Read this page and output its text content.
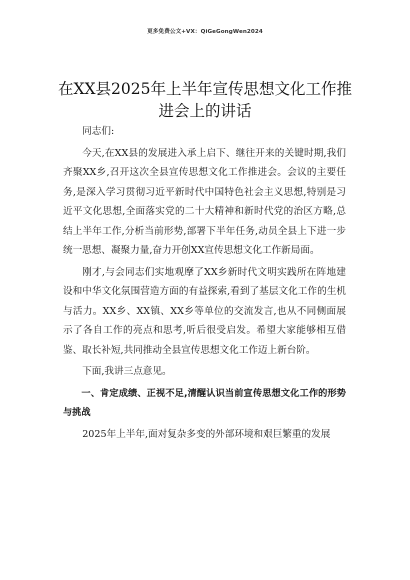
更多免费公文+VX：QiGeGongWen2024
在XX县2025年上半年宣传思想文化工作推
进会上的讲话

同志们:

今天,在XX县的发展进入承上启下、继往开来的关键时期,我们齐聚XX乡,召开这次全县宣传思想文化工作推进会。会议的主要任务,是深入学习贯彻习近平新时代中国特色社会主义思想,特别是习近平文化思想,全面落实党的二十大精神和新时代党的治区方略,总结上半年工作,分析当前形势,部署下半年任务,动员全县上下进一步统一思想、凝聚力量,奋力开创XX宣传思想文化工作新局面。

刚才,与会同志们实地观摩了XX乡新时代文明实践所在阵地建设和中华文化氛围营造方面的有益探索,看到了基层文化工作的生机与活力。XX乡、XX镇、XX乡等单位的交流发言,也从不同侧面展示了各自工作的亮点和思考,听后很受启发。希望大家能够相互借鉴、取长补短,共同推动全县宣传思想文化工作迈上新台阶。

下面,我讲三点意见。

一、肯定成绩、正视不足,清醒认识当前宣传思想文化工作的形势与挑战

2025年上半年,面对复杂多变的外部环境和艰巨繁重的发展
